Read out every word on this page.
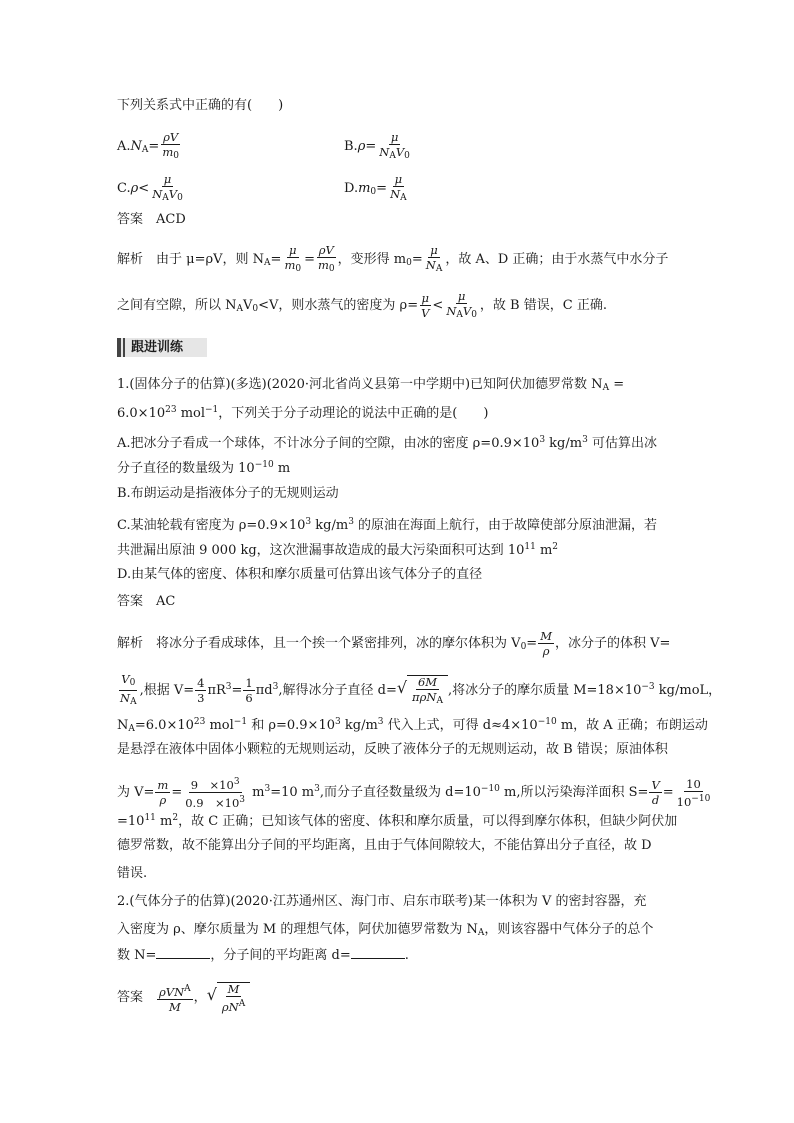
下列关系式中正确的有(　　)
$A.N_A= \frac{\rho V}{m_0}$	$B.\rho= \frac{\mu}{N_AV_0}$
$C.\rho< \frac{\mu}{N_AV_0}$	$D.m_0= \frac{\mu}{N_A}$
答案　 ACD
解析　 由于 μ=ρV，则 $N_A= \frac{\mu}{m_0} = \frac{\rho V}{m_0}$ ，变形得 $m_0= \frac{\mu}{N_A}$ ，故 A、D 正确；由于水蒸气中水分子
之间有空隙，所以 $N_AV_0<V$，则水蒸气的密度为 $\rho= \frac{\mu}{V} < \frac{\mu}{N_AV_0}$ ，故 B 错误，C 正确.
跟进训练
1.(固体分子的估算)(多选)(2020·河北省尚义县第一中学期中)已知阿伏加德罗常数 $N_A$ =
$6.0\times 10^{23}$ mol$^{-1}$，下列关于分子动理论的说法中正确的是(　　)
A.把冰分子看成一个球体，不计冰分子间的空隙，由冰的密度 $\rho=0.9\times 10^3$ $kg/m^3$ 可估算出冰
分子直径的数量级为 $10^{-10}$ m
B.布朗运动是指液体分子的无规则运动
C.某油轮载有密度为 $\rho=0.9\times 10^3$ $kg/m^3$ 的原油在海面上航行，由于故障使部分原油泄漏，若
共泄漏出原油 9 000 kg，这次泄漏事故造成的最大污染面积可达到 $10^{11}$ $m^2$
D.由某气体的密度、体积和摩尔质量可估算出该气体分子的直径
答案　 AC
解析　 将冰分子看成球体，且一个挨一个紧密排列，冰的摩尔体积为 $V_0= \frac{M}{\rho}$ ，冰分子的体积 V=
$\frac{V_0}{N_A}$ ,根据 $V= \frac{4}{3} \pi R^3= \frac{1}{6} \pi d^3$,解得冰分子直径 d= √ $\frac{6M}{\pi\rho N_A}$ ,将冰分子的摩尔质量 $M=18\times 10^{-3}$ kg/moL，
$N_A=6.0\times 10^{23}$ mol$^{-1}$ 和 $\rho=0.9\times 10^3$ $kg/m^3$ 代入上式，可得 $d\approx 4\times 10^{-10}$ m，故 A 正确；布朗运动
是悬浮在液体中固体小颗粒的无规则运动，反映了液体分子的无规则运动，故 B 错误；原油体积
为 $V= \frac{m}{\rho} = \frac{9 \times 10^3}{0.9 \times 10^3} m^3=10$ $m^3$,而分子直径数量级为 $d=10^{-10}$ m,所以污染海洋面积 $S= \frac{V}{d} = \frac{10}{10^{-10}}$
$=10^{11}$ $m^2$，故 C 正确；已知该气体的密度、体积和摩尔质量，可以得到摩尔体积，但缺少阿伏加
德罗常数，故不能算出分子间的平均距离，且由于气体间隙较大，不能估算出分子直径，故 D
错误.
2.(气体分子的估算)(2020·江苏通州区、海门市、启东市联考)某一体积为 V 的密封容器，充
入密度为 ρ、摩尔质量为 M 的理想气体，阿伏加德罗常数为 $N_A$，则该容器中气体分子的总个
数 N=	，分子间的平均距离 d=	.
答案　 $\frac{\rho VN^A}{M}$ ， √ $\frac{M}{\rho N^A}$
